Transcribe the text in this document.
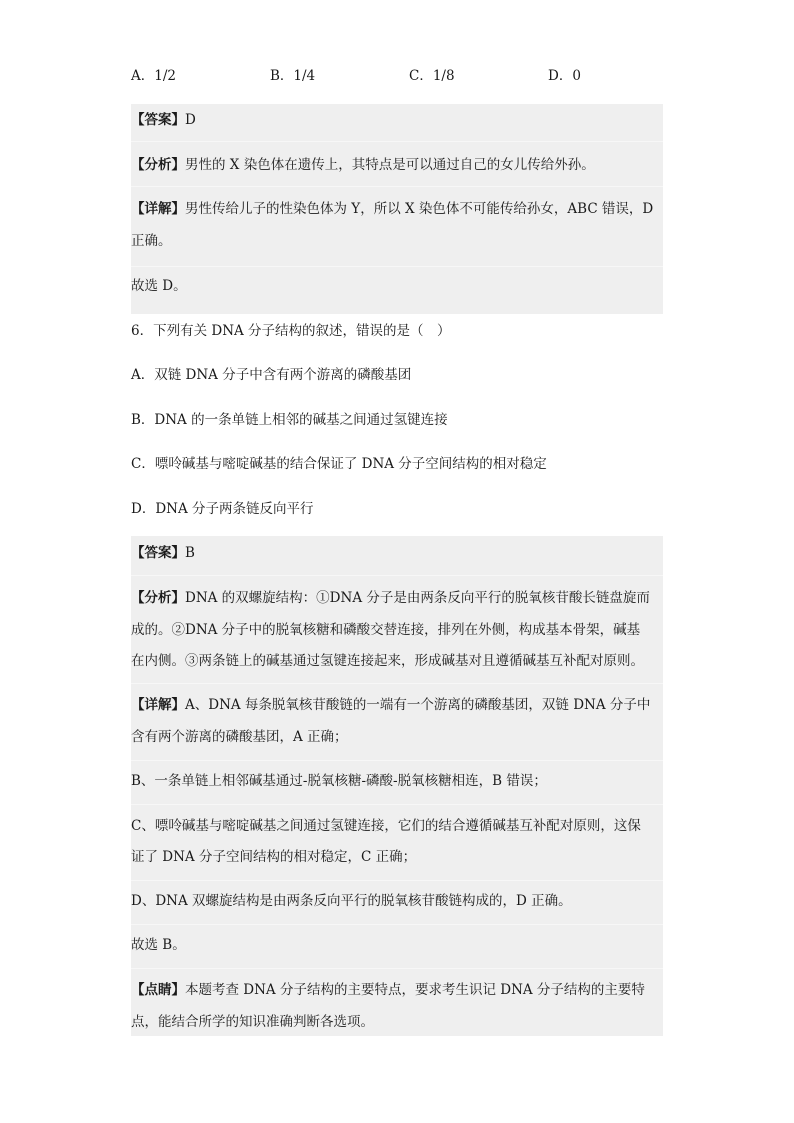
A．1/2	B．1/4	C．1/8	D．0
【答案】D
【分析】男性的 X 染色体在遗传上，其特点是可以通过自己的女儿传给外孙。
【详解】男性传给儿子的性染色体为 Y，所以 X 染色体不可能传给孙女，ABC 错误，D
正确。
故选 D。
6．下列有关 DNA 分子结构的叙述，错误的是（　）
A．双链 DNA 分子中含有两个游离的磷酸基团
B．DNA 的一条单链上相邻的碱基之间通过氢键连接
C．嘌呤碱基与嘧啶碱基的结合保证了 DNA 分子空间结构的相对稳定
D．DNA 分子两条链反向平行
【答案】B
【分析】DNA 的双螺旋结构：①DNA 分子是由两条反向平行的脱氧核苷酸长链盘旋而
成的。②DNA 分子中的脱氧核糖和磷酸交替连接，排列在外侧，构成基本骨架，碱基
在内侧。③两条链上的碱基通过氢键连接起来，形成碱基对且遵循碱基互补配对原则。
【详解】A、DNA 每条脱氧核苷酸链的一端有一个游离的磷酸基团，双链 DNA 分子中
含有两个游离的磷酸基团，A 正确；
B、一条单链上相邻碱基通过-脱氧核糖-磷酸-脱氧核糖相连，B 错误；
C、嘌呤碱基与嘧啶碱基之间通过氢键连接，它们的结合遵循碱基互补配对原则，这保
证了 DNA 分子空间结构的相对稳定，C 正确；
D、DNA 双螺旋结构是由两条反向平行的脱氧核苷酸链构成的，D 正确。
故选 B。
【点睛】本题考查 DNA 分子结构的主要特点，要求考生识记 DNA 分子结构的主要特
点，能结合所学的知识准确判断各选项。
